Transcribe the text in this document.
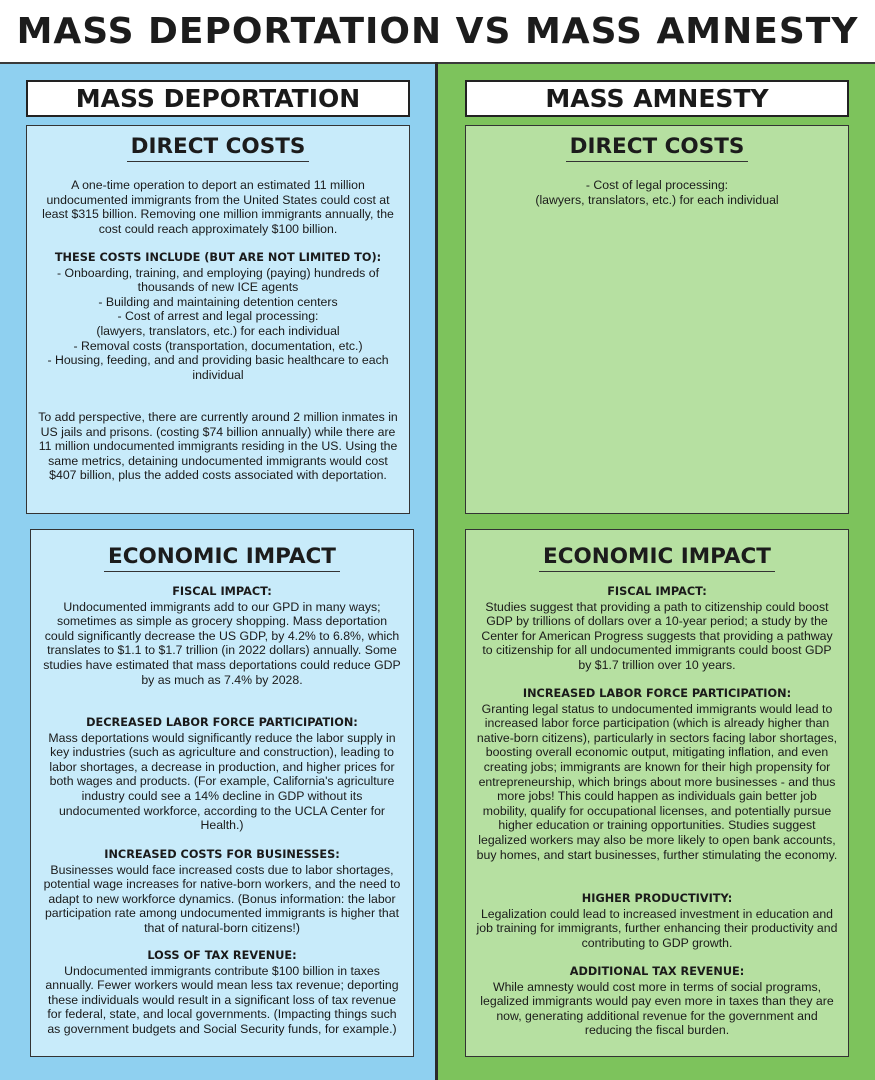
MASS DEPORTATION VS MASS AMNESTY
MASS DEPORTATION	MASS AMNESTY
DIRECT COSTS
A one-time operation to deport an estimated 11 million undocumented immigrants from the United States could cost at least $315 billion. Removing one million immigrants annually, the cost could reach approximately $100 billion.
THESE COSTS INCLUDE (BUT ARE NOT LIMITED TO):
- Onboarding, training, and employing (paying) hundreds of thousands of new ICE agents
- Building and maintaining detention centers
- Cost of arrest and legal processing:
(lawyers, translators, etc.) for each individual
- Removal costs (transportation, documentation, etc.)
- Housing, feeding, and and providing basic healthcare to each individual
To add perspective, there are currently around 2 million inmates in US jails and prisons. (costing $74 billion annually) while there are 11 million undocumented immigrants residing in the US. Using the same metrics, detaining undocumented immigrants would cost $407 billion, plus the added costs associated with deportation.
DIRECT COSTS
- Cost of legal processing:
(lawyers, translators, etc.) for each individual
ECONOMIC IMPACT
FISCAL IMPACT:
Undocumented immigrants add to our GPD in many ways; sometimes as simple as grocery shopping. Mass deportation could significantly decrease the US GDP, by 4.2% to 6.8%, which translates to $1.1 to $1.7 trillion (in 2022 dollars) annually. Some studies have estimated that mass deportations could reduce GDP by as much as 7.4% by 2028.
DECREASED LABOR FORCE PARTICIPATION:
Mass deportations would significantly reduce the labor supply in key industries (such as agriculture and construction), leading to labor shortages, a decrease in production, and higher prices for both wages and products. (For example, California's agriculture industry could see a 14% decline in GDP without its undocumented workforce, according to the UCLA Center for Health.)
INCREASED COSTS FOR BUSINESSES:
Businesses would face increased costs due to labor shortages, potential wage increases for native-born workers, and the need to adapt to new workforce dynamics. (Bonus information: the labor participation rate among undocumented immigrants is higher that that of natural-born citizens!)
LOSS OF TAX REVENUE:
Undocumented immigrants contribute $100 billion in taxes annually. Fewer workers would mean less tax revenue; deporting these individuals would result in a significant loss of tax revenue for federal, state, and local governments. (Impacting things such as government budgets and Social Security funds, for example.)
ECONOMIC IMPACT
FISCAL IMPACT:
Studies suggest that providing a path to citizenship could boost GDP by trillions of dollars over a 10-year period; a study by the Center for American Progress suggests that providing a pathway to citizenship for all undocumented immigrants could boost GDP by $1.7 trillion over 10 years.
INCREASED LABOR FORCE PARTICIPATION:
Granting legal status to undocumented immigrants would lead to increased labor force participation (which is already higher than native-born citizens), particularly in sectors facing labor shortages, boosting overall economic output, mitigating inflation, and even creating jobs; immigrants are known for their high propensity for entrepreneurship, which brings about more businesses - and thus more jobs! This could happen as individuals gain better job mobility, qualify for occupational licenses, and potentially pursue higher education or training opportunities. Studies suggest legalized workers may also be more likely to open bank accounts, buy homes, and start businesses, further stimulating the economy.
HIGHER PRODUCTIVITY:
Legalization could lead to increased investment in education and job training for immigrants, further enhancing their productivity and contributing to GDP growth.
ADDITIONAL TAX REVENUE:
While amnesty would cost more in terms of social programs, legalized immigrants would pay even more in taxes than they are now, generating additional revenue for the government and reducing the fiscal burden.
